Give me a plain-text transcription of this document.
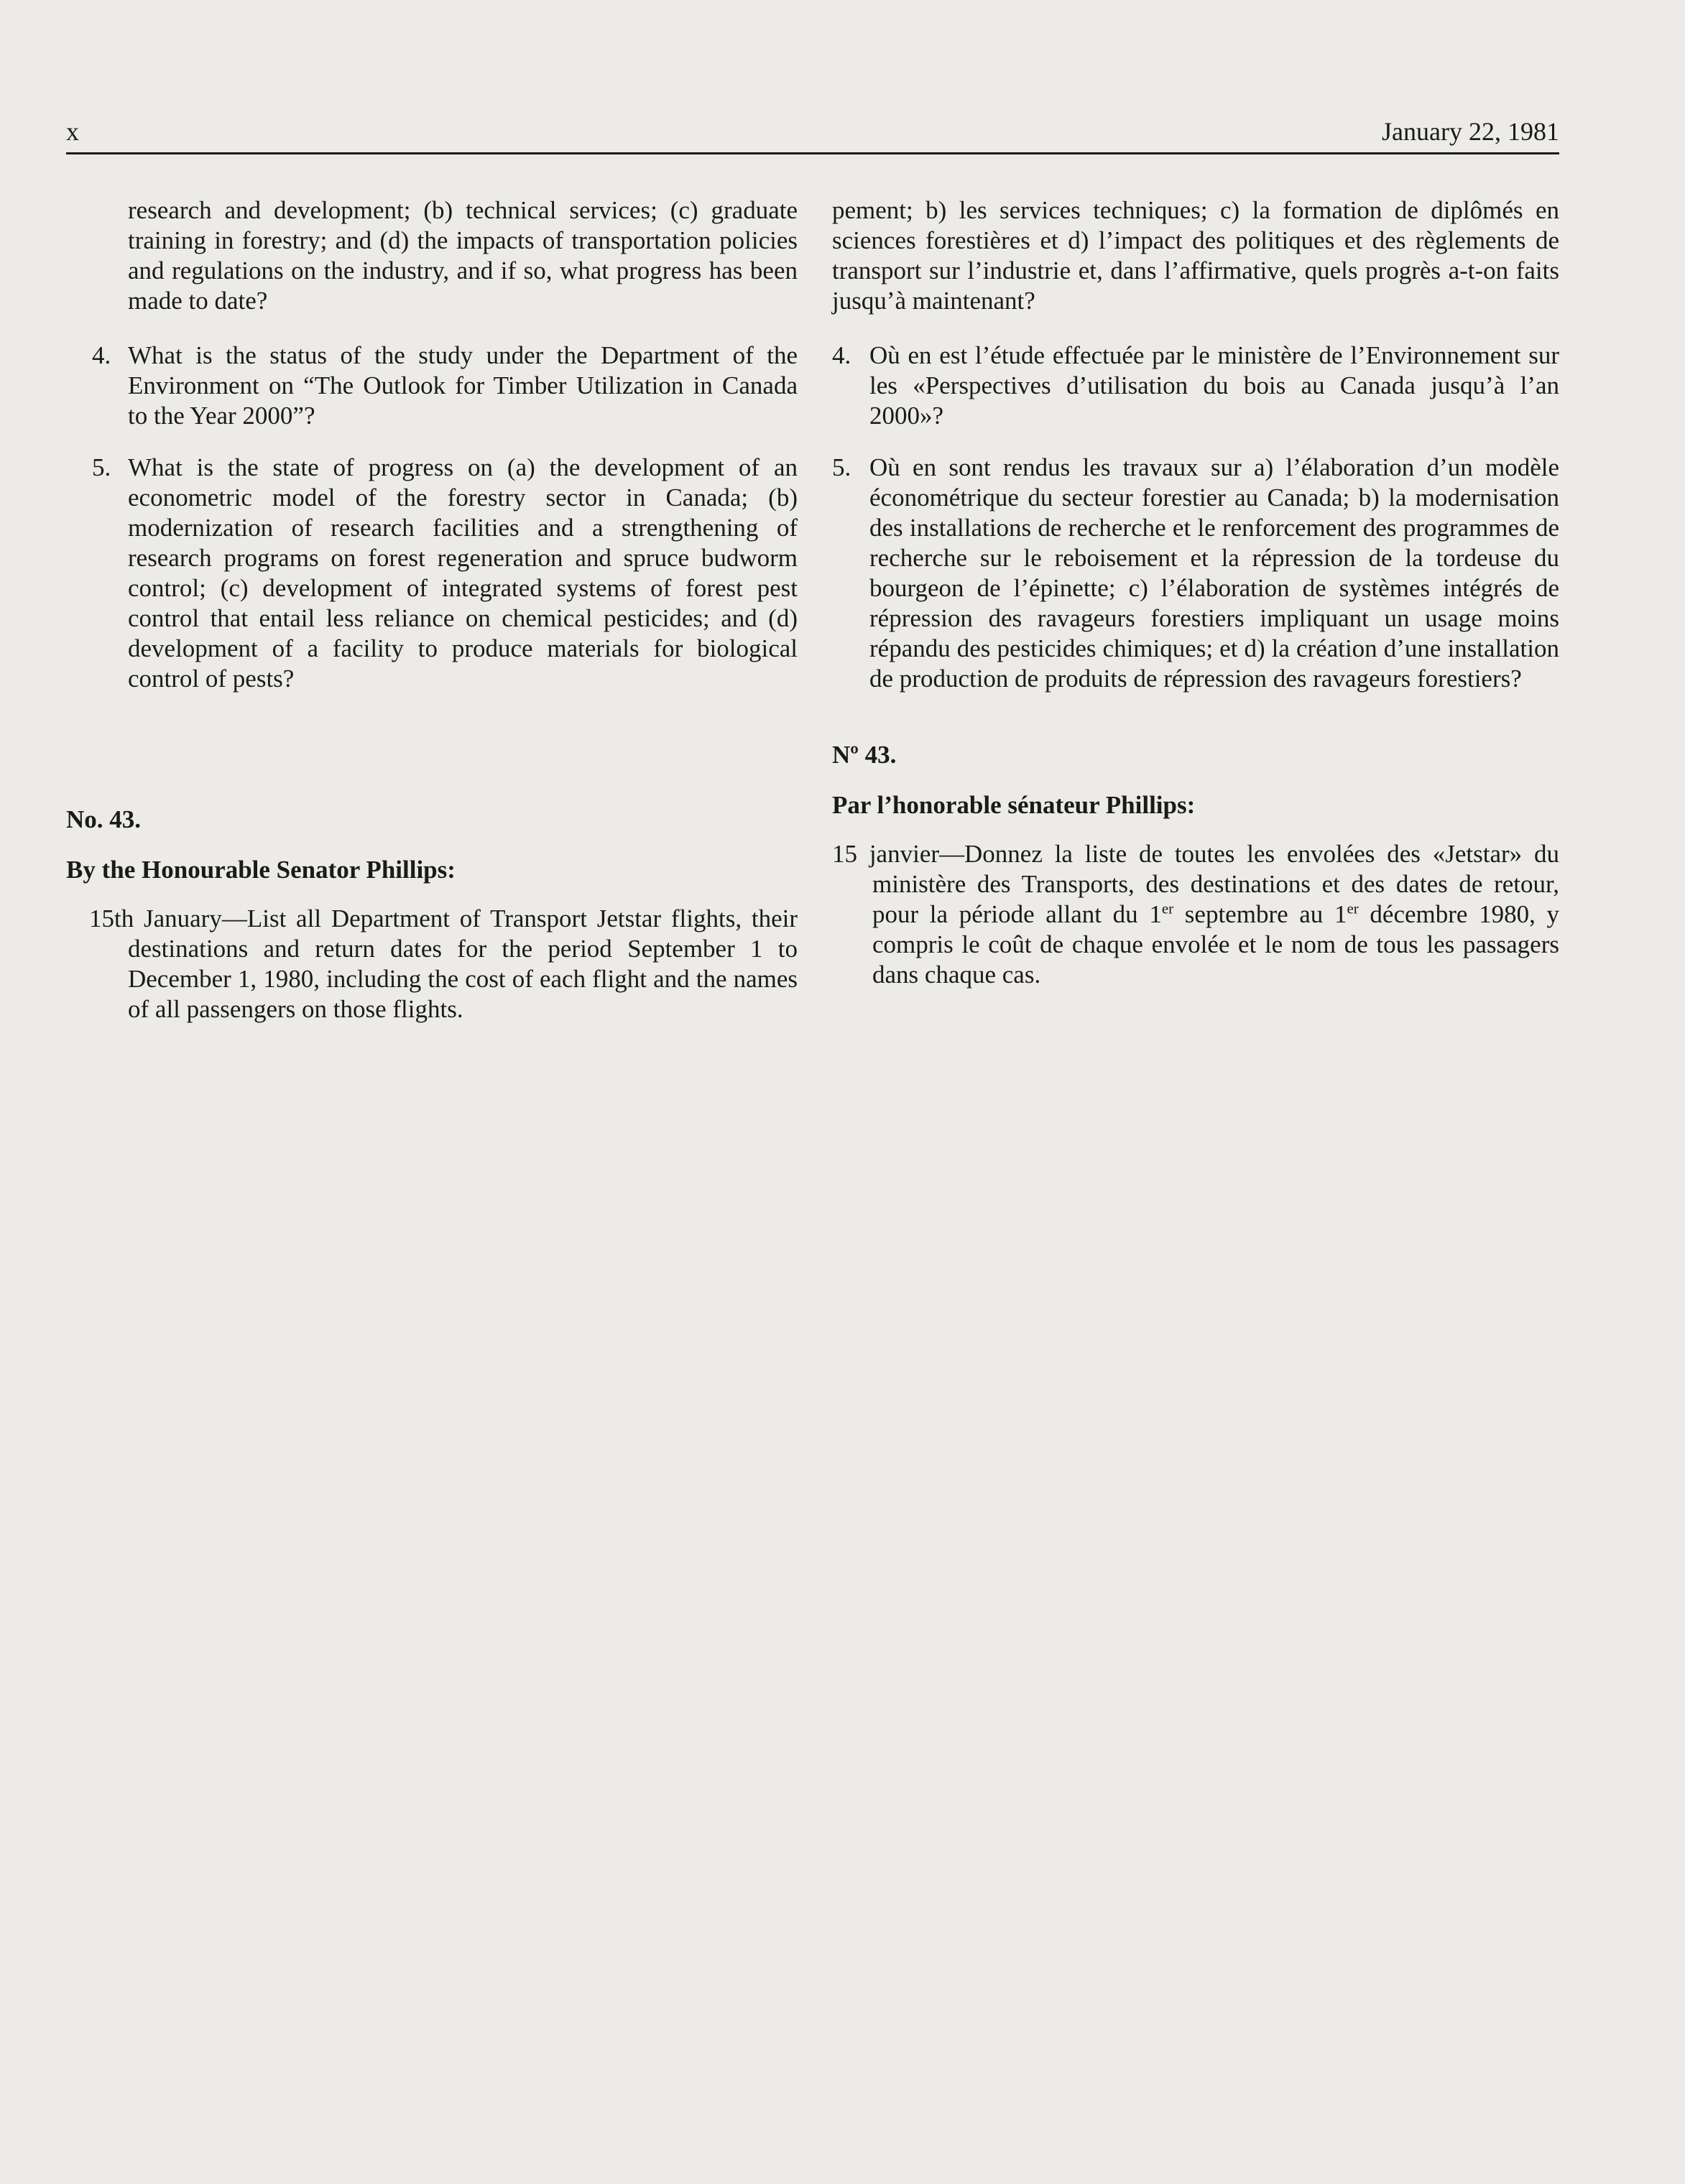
x	January 22, 1981
research and development; (b) technical services; (c) graduate training in forestry; and (d) the impacts of transportation policies and regulations on the industry, and if so, what progress has been made to date?
4. What is the status of the study under the Department of the Environment on “The Outlook for Timber Utilization in Canada to the Year 2000”?
5. What is the state of progress on (a) the development of an econometric model of the forestry sector in Canada; (b) modernization of research facilities and a strengthening of research programs on forest regeneration and spruce budworm control; (c) development of integrated systems of forest pest control that entail less reliance on chemical pesticides; and (d) development of a facility to produce materials for biological control of pests?
No. 43.
By the Honourable Senator Phillips:
15th January—List all Department of Transport Jetstar flights, their destinations and return dates for the period September 1 to December 1, 1980, including the cost of each flight and the names of all passengers on those flights.
pement; b) les services techniques; c) la formation de diplômés en sciences forestières et d) l’impact des politiques et des règlements de transport sur l’industrie et, dans l’affirmative, quels progrès a-t-on faits jusqu’à maintenant?
4. Où en est l’étude effectuée par le ministère de l’Environnement sur les «Perspectives d’utilisation du bois au Canada jusqu’à l’an 2000»?
5. Où en sont rendus les travaux sur a) l’élaboration d’un modèle économétrique du secteur forestier au Canada; b) la modernisation des installations de recherche et le renforcement des programmes de recherche sur le reboisement et la répression de la tordeuse du bourgeon de l’épinette; c) l’élaboration de systèmes intégrés de répression des ravageurs forestiers impliquant un usage moins répandu des pesticides chimiques; et d) la création d’une installation de production de produits de répression des ravageurs forestiers?
Nº 43.
Par l’honorable sénateur Phillips:
15 janvier—Donnez la liste de toutes les envolées des «Jetstar» du ministère des Transports, des destinations et des dates de retour, pour la période allant du 1er septembre au 1er décembre 1980, y compris le coût de chaque envolée et le nom de tous les passagers dans chaque cas.
